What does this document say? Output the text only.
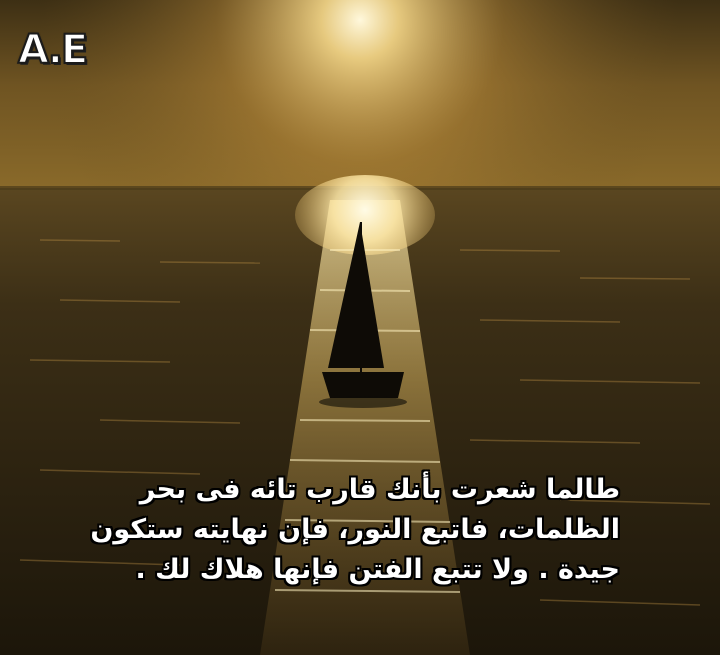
A.E
طالما شعرت بأنك قارب تائه فى بحر
الظلمات، فاتبع النور، فإن نهايته ستكون
جيدة . ولا تتبع الفتن فإنها هلاك لك .
